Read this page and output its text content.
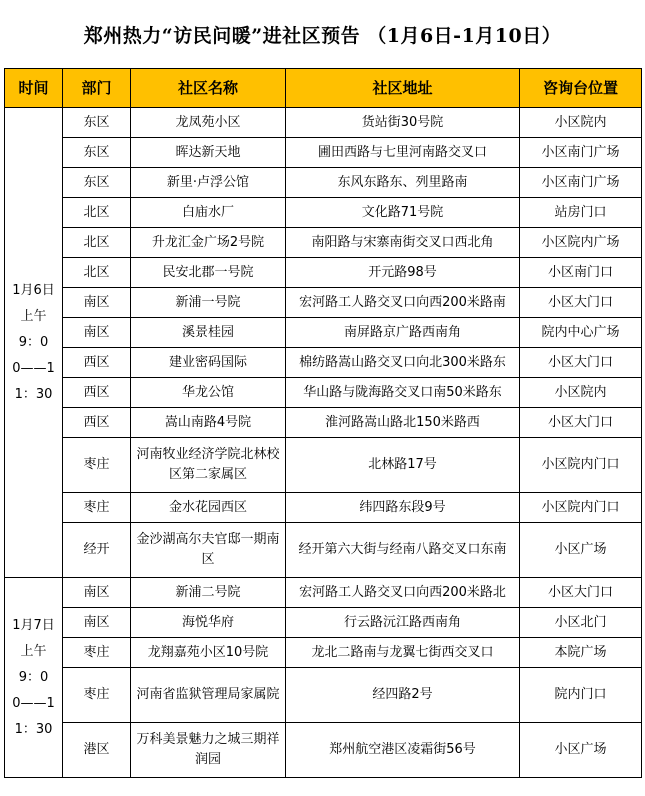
郑州热力“访民问暖”进社区预告 （1月6日-1月10日）
时间	部门	社区名称	社区地址	咨询台位置

1月6日
上午
9：0
0——1
1：30	东区	龙凤苑小区	货站街30号院	小区院内
	东区	晖达新天地	圃田西路与七里河南路交叉口	小区南门广场
	东区	新里·卢浮公馆	东风东路东、列里路南	小区南门广场
	北区	白庙水厂	文化路71号院	站房门口
	北区	升龙汇金广场2号院	南阳路与宋寨南街交叉口西北角	小区院内广场
	北区	民安北郡一号院	开元路98号	小区南门口
	南区	新浦一号院	宏河路工人路交叉口向西200米路南	小区大门口
	南区	溪景桂园	南屏路京广路西南角	院内中心广场
	西区	建业密码国际	棉纺路嵩山路交叉口向北300米路东	小区大门口
	西区	华龙公馆	华山路与陇海路交叉口南50米路东	小区院内
	西区	嵩山南路4号院	淮河路嵩山路北150米路西	小区大门口
	枣庄	河南牧业经济学院北林校区第二家属区	北林路17号	小区院内门口
	枣庄	金水花园西区	纬四路东段9号	小区院内门口
	经开	金沙湖高尔夫官邸一期南区	经开第六大街与经南八路交叉口东南	小区广场

1月7日
上午
9：0
0——1
1：30	南区	新浦二号院	宏河路工人路交叉口向西200米路北	小区大门口
	南区	海悦华府	行云路沅江路西南角	小区北门
	枣庄	龙翔嘉苑小区10号院	龙北二路南与龙翼七街西交叉口	本院广场
	枣庄	河南省监狱管理局家属院	经四路2号	院内门口
	港区	万科美景魅力之城三期祥润园	郑州航空港区凌霜街56号	小区广场
